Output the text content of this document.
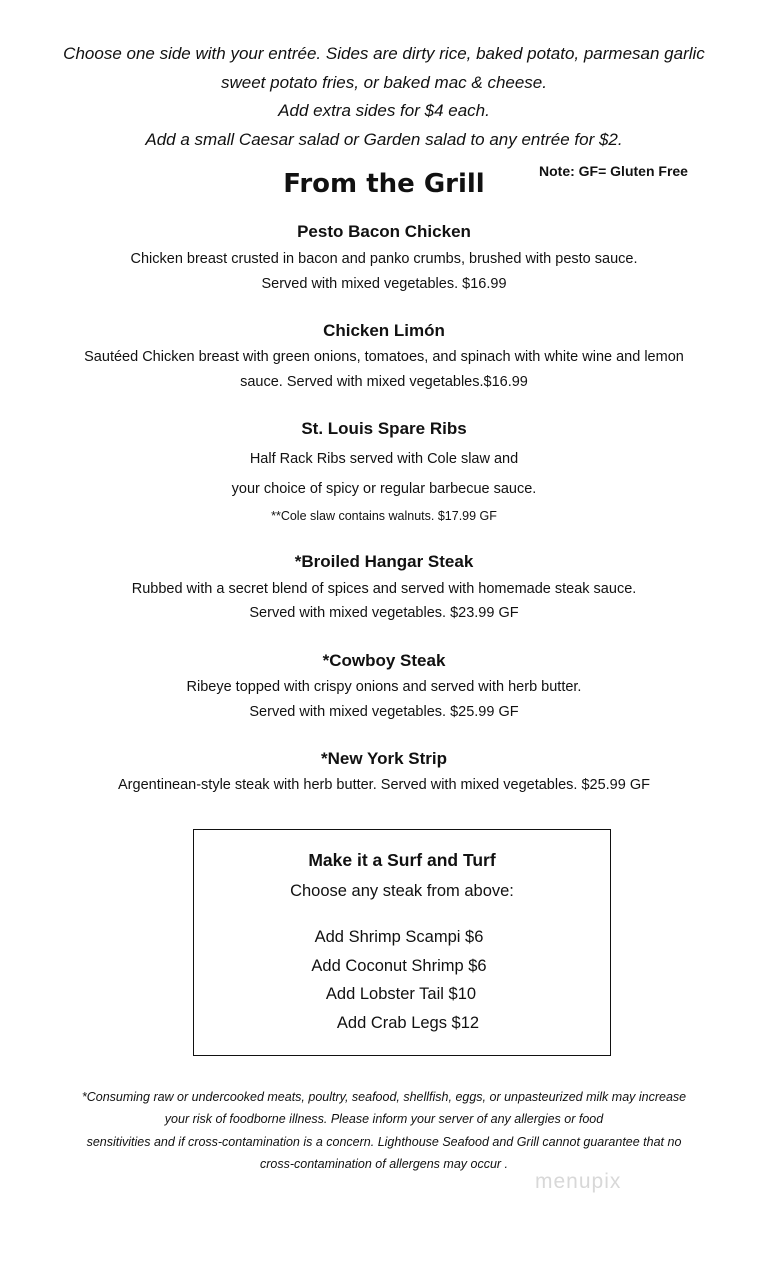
Choose one side with your entrée. Sides are dirty rice, baked potato, parmesan garlic
sweet potato fries, or baked mac & cheese.
Add extra sides for $4 each.
Add a small Caesar salad or Garden salad to any entrée for $2.
Note: GF= Gluten Free
From the Grill
Pesto Bacon Chicken
Chicken breast crusted in bacon and panko crumbs, brushed with pesto sauce.
Served with mixed vegetables. $16.99
Chicken Limón
Sautéed Chicken breast with green onions, tomatoes, and spinach with white wine and lemon
sauce. Served with mixed vegetables.$16.99
St. Louis Spare Ribs
Half Rack Ribs served with Cole slaw and
your choice of spicy or regular barbecue sauce.
**Cole slaw contains walnuts. $17.99 GF
*Broiled Hangar Steak
Rubbed with a secret blend of spices and served with homemade steak sauce.
Served with mixed vegetables. $23.99 GF
*Cowboy Steak
Ribeye topped with crispy onions and served with herb butter.
Served with mixed vegetables. $25.99 GF
*New York Strip
Argentinean-style steak with herb butter. Served with mixed vegetables. $25.99 GF
Make it a Surf and Turf
Choose any steak from above:
Add Shrimp Scampi $6
Add Coconut Shrimp $6
Add Lobster Tail $10
Add Crab Legs $12
*Consuming raw or undercooked meats, poultry, seafood, shellfish, eggs, or unpasteurized milk may increase
your risk of foodborne illness. Please inform your server of any allergies or food
sensitivities and if cross-contamination is a concern. Lighthouse Seafood and Grill cannot guarantee that no
cross-contamination of allergens may occur .
menupix
